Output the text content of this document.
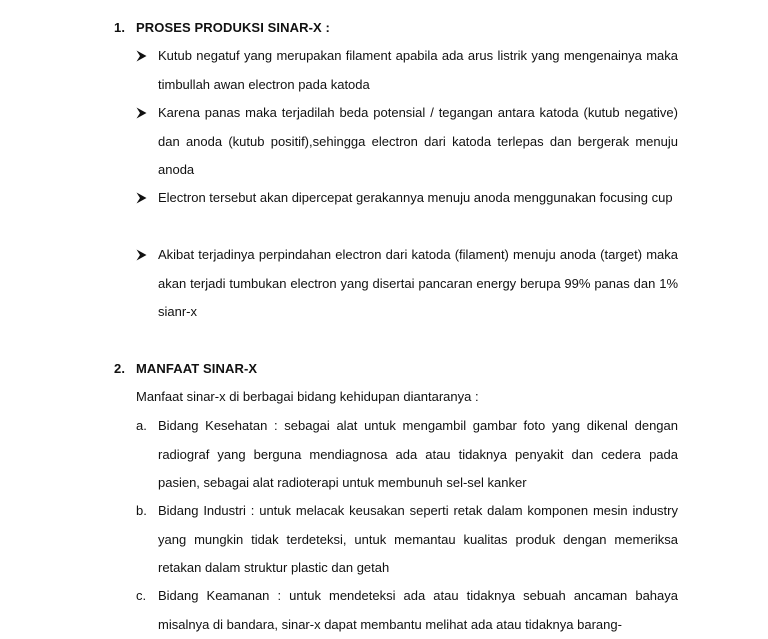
1. PROSES PRODUKSI SINAR-X :
Kutub negatuf yang merupakan filament apabila ada arus listrik yang mengenainya maka timbullah awan electron pada katoda
Karena panas maka terjadilah beda potensial / tegangan antara katoda (kutub negative) dan anoda (kutub positif),sehingga electron dari katoda terlepas dan bergerak menuju anoda
Electron tersebut akan dipercepat gerakannya menuju anoda menggunakan focusing cup
Akibat terjadinya perpindahan electron dari katoda (filament) menuju anoda (target) maka akan terjadi tumbukan electron yang disertai pancaran energy berupa 99% panas dan 1% sianr-x
2. MANFAAT SINAR-X
Manfaat sinar-x di berbagai bidang kehidupan diantaranya :
a. Bidang Kesehatan : sebagai alat untuk mengambil gambar foto yang dikenal dengan radiograf yang berguna mendiagnosa ada atau tidaknya penyakit dan cedera pada pasien, sebagai alat radioterapi untuk membunuh sel-sel kanker
b. Bidang Industri : untuk melacak keusakan seperti retak dalam komponen mesin industry yang mungkin tidak terdeteksi, untuk memantau kualitas produk dengan memeriksa retakan dalam struktur plastic dan getah
c. Bidang Keamanan : untuk mendeteksi ada atau tidaknya sebuah ancaman bahaya misalnya di bandara, sinar-x dapat membantu melihat ada atau tidaknya barang-
